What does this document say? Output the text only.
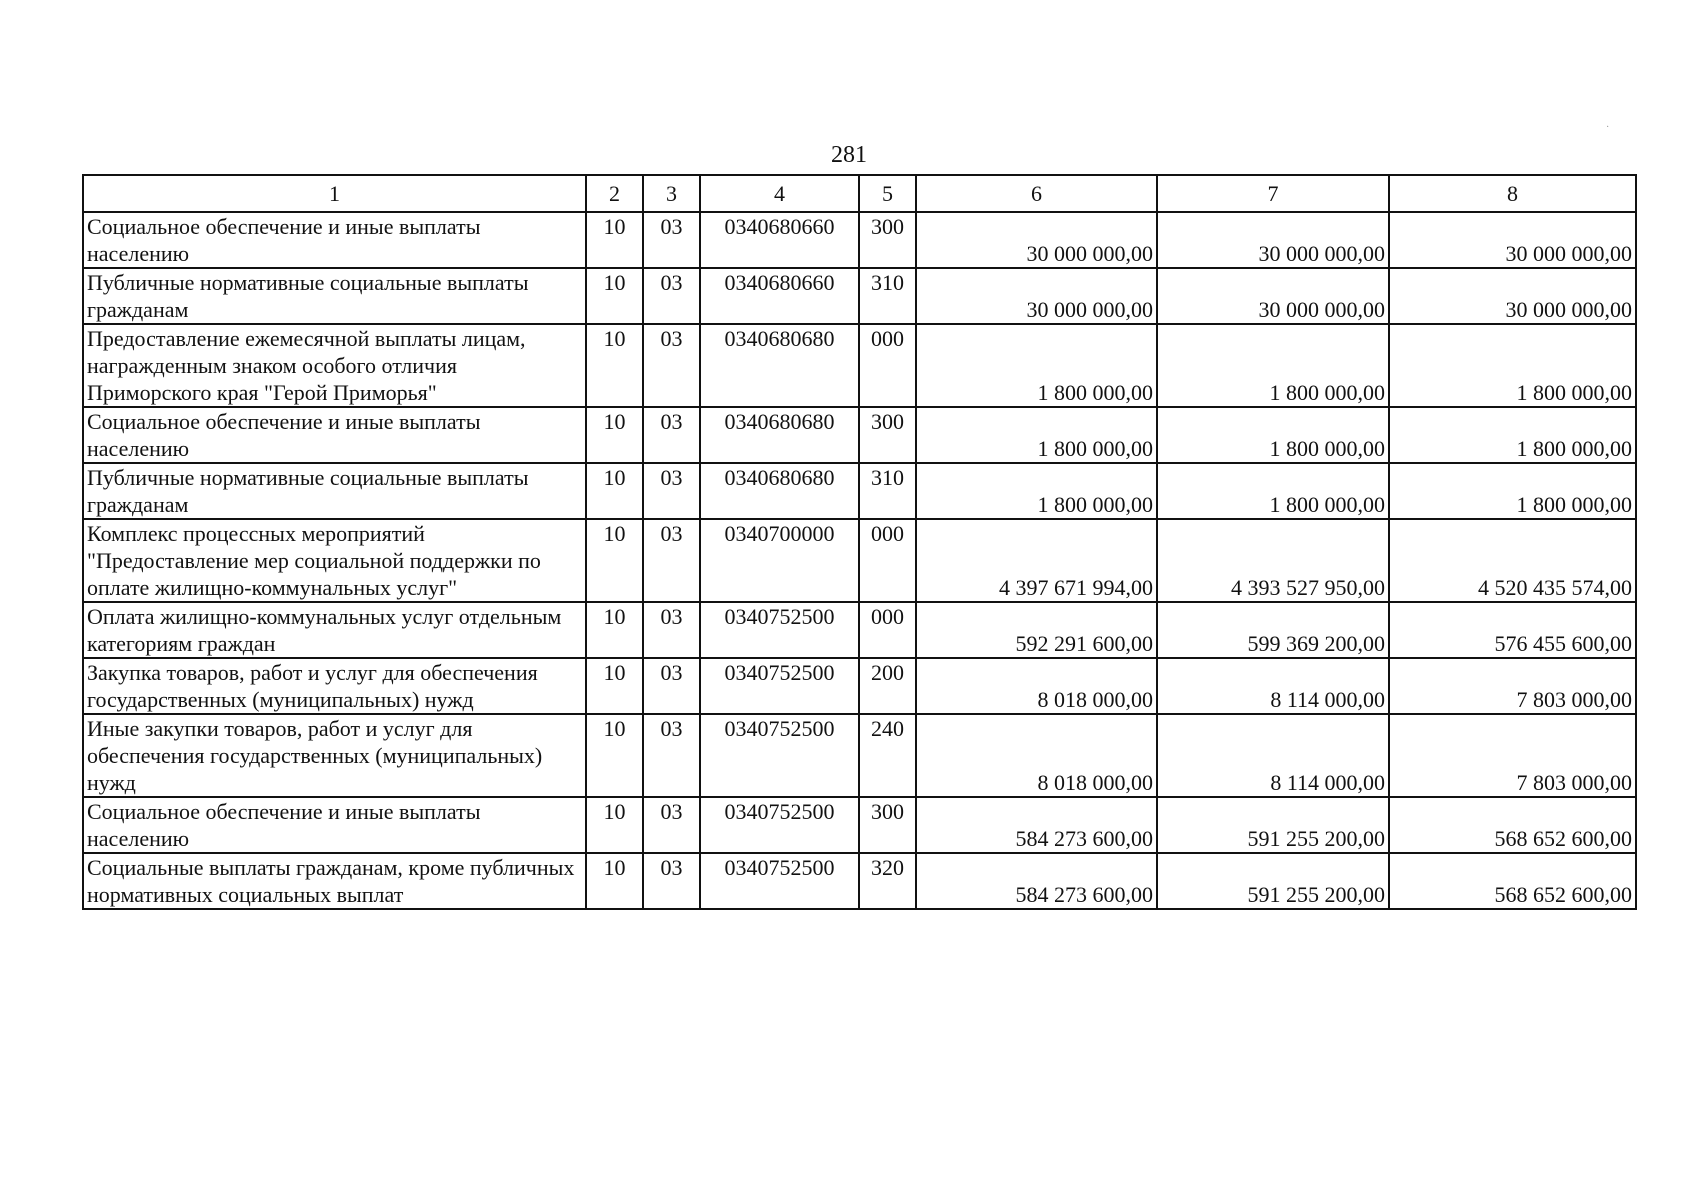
281
·
1	2	3	4	5	6	7	8
Социальное обеспечение и иные выплаты населению	10	03	0340680660	300	30 000 000,00	30 000 000,00	30 000 000,00
Публичные нормативные социальные выплаты гражданам	10	03	0340680660	310	30 000 000,00	30 000 000,00	30 000 000,00
Предоставление ежемесячной выплаты лицам, награжденным знаком особого отличия Приморского края "Герой Приморья"	10	03	0340680680	000	1 800 000,00	1 800 000,00	1 800 000,00
Социальное обеспечение и иные выплаты населению	10	03	0340680680	300	1 800 000,00	1 800 000,00	1 800 000,00
Публичные нормативные социальные выплаты гражданам	10	03	0340680680	310	1 800 000,00	1 800 000,00	1 800 000,00
Комплекс процессных мероприятий "Предоставление мер социальной поддержки по оплате жилищно-коммунальных услуг"	10	03	0340700000	000	4 397 671 994,00	4 393 527 950,00	4 520 435 574,00
Оплата жилищно-коммунальных услуг отдельным категориям граждан	10	03	0340752500	000	592 291 600,00	599 369 200,00	576 455 600,00
Закупка товаров, работ и услуг для обеспечения государственных (муниципальных) нужд	10	03	0340752500	200	8 018 000,00	8 114 000,00	7 803 000,00
Иные закупки товаров, работ и услуг для обеспечения государственных (муниципальных) нужд	10	03	0340752500	240	8 018 000,00	8 114 000,00	7 803 000,00
Социальное обеспечение и иные выплаты населению	10	03	0340752500	300	584 273 600,00	591 255 200,00	568 652 600,00
Социальные выплаты гражданам, кроме публичных нормативных социальных выплат	10	03	0340752500	320	584 273 600,00	591 255 200,00	568 652 600,00
